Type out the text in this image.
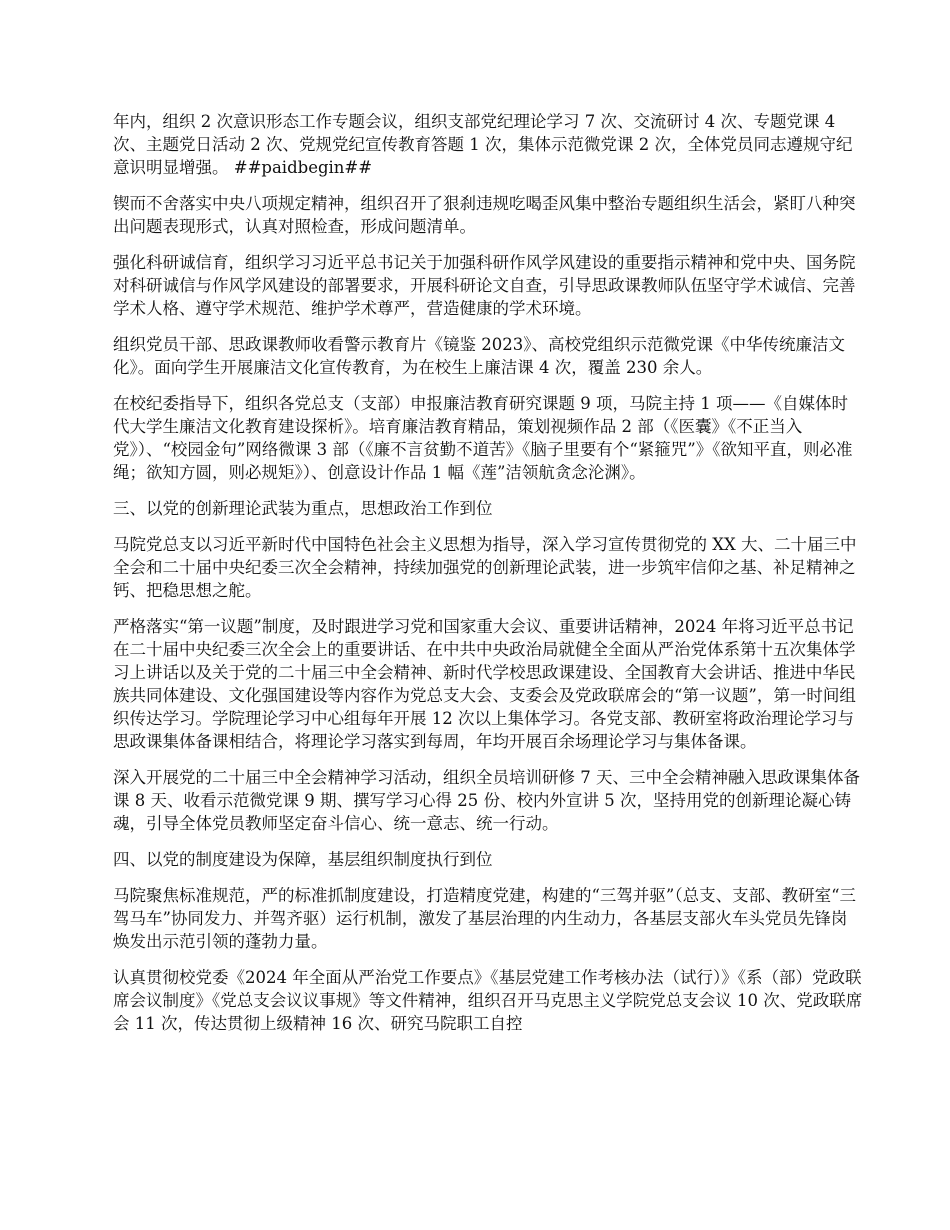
年内，组织 2 次意识形态工作专题会议，组织支部党纪理论学习 7 次、交流研讨 4 次、专题党课 4 次、主题党日活动 2 次、党规党纪宣传教育答题 1 次，集体示范微党课 2 次，全体党员同志遵规守纪意识明显增强。 ##paidbegin##

锲而不舍落实中央八项规定精神，组织召开了狠刹违规吃喝歪风集中整治专题组织生活会，紧盯八种突出问题表现形式，认真对照检查，形成问题清单。

强化科研诚信育，组织学习习近平总书记关于加强科研作风学风建设的重要指示精神和党中央、国务院对科研诚信与作风学风建设的部署要求，开展科研论文自查，引导思政课教师队伍坚守学术诚信、完善学术人格、遵守学术规范、维护学术尊严，营造健康的学术环境。

组织党员干部、思政课教师收看警示教育片《镜鉴 2023》、高校党组织示范微党课《中华传统廉洁文化》。面向学生开展廉洁文化宣传教育，为在校生上廉洁课 4 次，覆盖 230 余人。

在校纪委指导下，组织各党总支（支部）申报廉洁教育研究课题 9 项，马院主持 1 项——《自媒体时代大学生廉洁文化教育建设探析》。培育廉洁教育精品，策划视频作品 2 部（《医囊》《不正当入党》）、“校园金句”网络微课 3 部（《廉不言贫勤不道苦》《脑子里要有个“紧箍咒”》《欲知平直，则必准绳；欲知方圆，则必规矩》）、创意设计作品 1 幅《莲”洁领航贪念沦渊》。

三、以党的创新理论武装为重点，思想政治工作到位

马院党总支以习近平新时代中国特色社会主义思想为指导，深入学习宣传贯彻党的 XX 大、二十届三中全会和二十届中央纪委三次全会精神，持续加强党的创新理论武装，进一步筑牢信仰之基、补足精神之钙、把稳思想之舵。

严格落实“第一议题”制度，及时跟进学习党和国家重大会议、重要讲话精神，2024 年将习近平总书记在二十届中央纪委三次全会上的重要讲话、在中共中央政治局就健全全面从严治党体系第十五次集体学习上讲话以及关于党的二十届三中全会精神、新时代学校思政课建设、全国教育大会讲话、推进中华民族共同体建设、文化强国建设等内容作为党总支大会、支委会及党政联席会的“第一议题”，第一时间组织传达学习。学院理论学习中心组每年开展 12 次以上集体学习。各党支部、教研室将政治理论学习与思政课集体备课相结合，将理论学习落实到每周，年均开展百余场理论学习与集体备课。

深入开展党的二十届三中全会精神学习活动，组织全员培训研修 7 天、三中全会精神融入思政课集体备课 8 天、收看示范微党课 9 期、撰写学习心得 25 份、校内外宣讲 5 次，坚持用党的创新理论凝心铸魂，引导全体党员教师坚定奋斗信心、统一意志、统一行动。

四、以党的制度建设为保障，基层组织制度执行到位

马院聚焦标准规范，严的标准抓制度建设，打造精度党建，构建的“三驾并驱”（总支、支部、教研室“三驾马车”协同发力、并驾齐驱）运行机制，激发了基层治理的内生动力，各基层支部火车头党员先锋岗焕发出示范引领的蓬勃力量。

认真贯彻校党委《2024 年全面从严治党工作要点》《基层党建工作考核办法（试行）》《系（部）党政联席会议制度》《党总支会议议事规》等文件精神，组织召开马克思主义学院党总支会议 10 次、党政联席会 11 次，传达贯彻上级精神 16 次、研究马院职工自控
